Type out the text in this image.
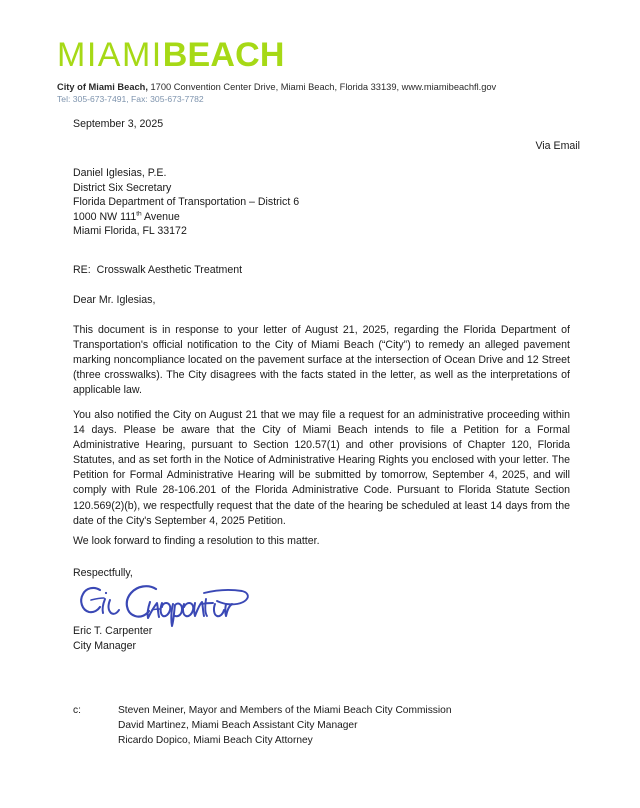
MIAMIBEACH
City of Miami Beach, 1700 Convention Center Drive, Miami Beach, Florida 33139, www.miamibeachfl.gov
Tel: 305-673-7491, Fax: 305-673-7782
September 3, 2025
Via Email
Daniel Iglesias, P.E.
District Six Secretary
Florida Department of Transportation – District 6
1000 NW 111th Avenue
Miami Florida, FL 33172
RE: Crosswalk Aesthetic Treatment
Dear Mr. Iglesias,
This document is in response to your letter of August 21, 2025, regarding the Florida Department of Transportation's official notification to the City of Miami Beach (“City”) to remedy an alleged pavement marking noncompliance located on the pavement surface at the intersection of Ocean Drive and 12 Street (three crosswalks). The City disagrees with the facts stated in the letter, as well as the interpretations of applicable law.
You also notified the City on August 21 that we may file a request for an administrative proceeding within 14 days. Please be aware that the City of Miami Beach intends to file a Petition for a Formal Administrative Hearing, pursuant to Section 120.57(1) and other provisions of Chapter 120, Florida Statutes, and as set forth in the Notice of Administrative Hearing Rights you enclosed with your letter. The Petition for Formal Administrative Hearing will be submitted by tomorrow, September 4, 2025, and will comply with Rule 28-106.201 of the Florida Administrative Code. Pursuant to Florida Statute Section 120.569(2)(b), we respectfully request that the date of the hearing be scheduled at least 14 days from the date of the City's September 4, 2025 Petition.
We look forward to finding a resolution to this matter.
Respectfully,
Eric T. Carpenter
City Manager
c:	Steven Meiner, Mayor and Members of the Miami Beach City Commission
David Martinez, Miami Beach Assistant City Manager
Ricardo Dopico, Miami Beach City Attorney
